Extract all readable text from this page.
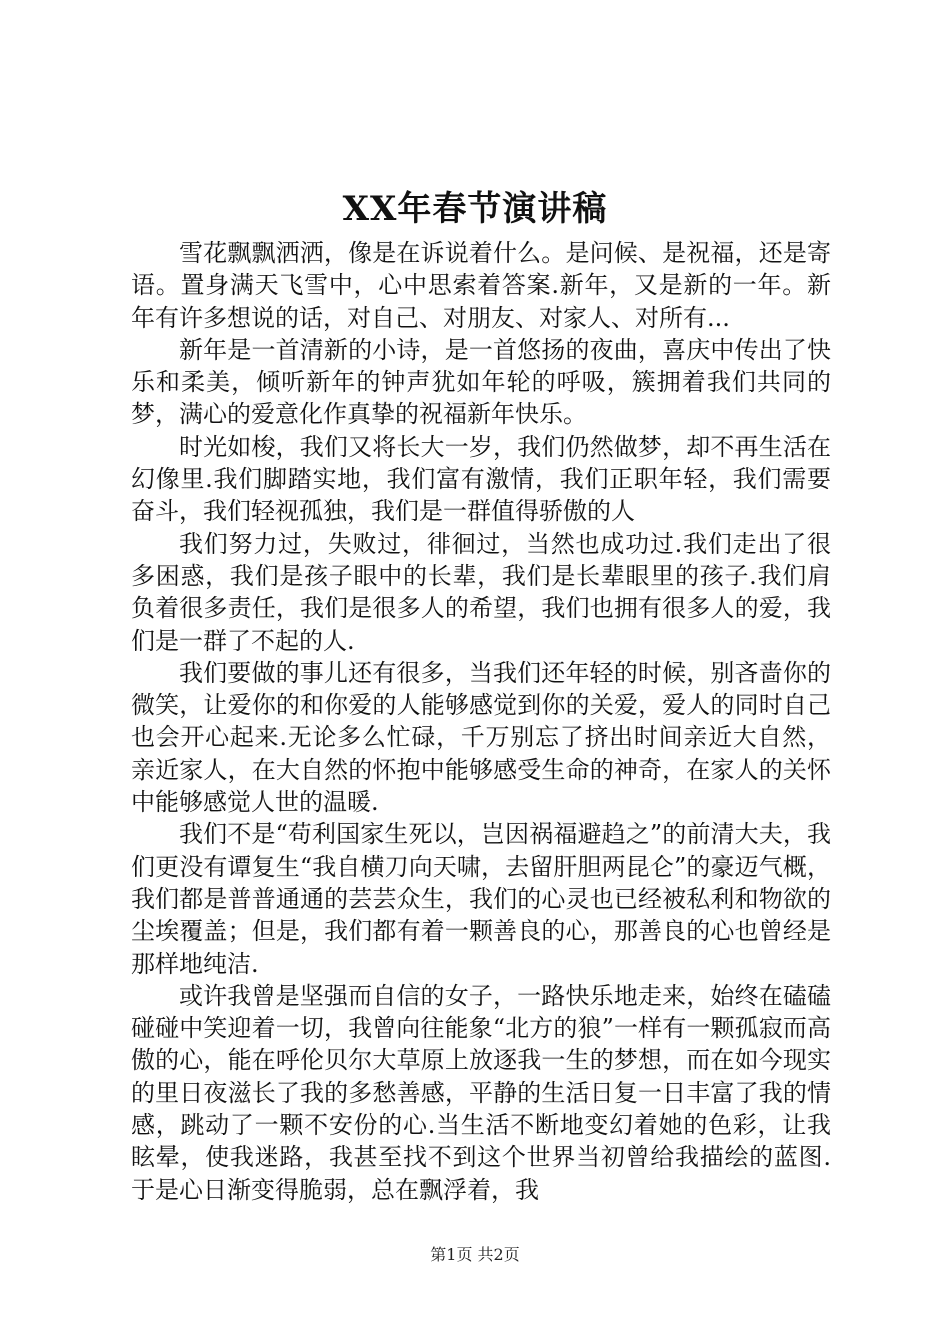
XX年春节演讲稿

雪花飘飘洒洒，像是在诉说着什么。是问候、是祝福，还是寄语。置身满天飞雪中，心中思索着答案.新年，又是新的一年。新年有许多想说的话，对自己、对朋友、对家人、对所有...

新年是一首清新的小诗，是一首悠扬的夜曲，喜庆中传出了快乐和柔美，倾听新年的钟声犹如年轮的呼吸，簇拥着我们共同的梦，满心的爱意化作真挚的祝福新年快乐。

时光如梭，我们又将长大一岁，我们仍然做梦，却不再生活在幻像里.我们脚踏实地，我们富有激情，我们正职年轻，我们需要奋斗，我们轻视孤独，我们是一群值得骄傲的人

我们努力过，失败过，徘徊过，当然也成功过.我们走出了很多困惑，我们是孩子眼中的长辈，我们是长辈眼里的孩子.我们肩负着很多责任，我们是很多人的希望，我们也拥有很多人的爱，我们是一群了不起的人.

我们要做的事儿还有很多，当我们还年轻的时候，别吝啬你的微笑，让爱你的和你爱的人能够感觉到你的关爱，爱人的同时自己也会开心起来.无论多么忙碌，千万别忘了挤出时间亲近大自然，亲近家人，在大自然的怀抱中能够感受生命的神奇，在家人的关怀中能够感觉人世的温暖.

我们不是“苟利国家生死以，岂因祸福避趋之”的前清大夫，我们更没有谭复生“我自横刀向天啸，去留肝胆两昆仑”的豪迈气概，我们都是普普通通的芸芸众生，我们的心灵也已经被私利和物欲的尘埃覆盖；但是，我们都有着一颗善良的心，那善良的心也曾经是那样地纯洁.

或许我曾是坚强而自信的女子，一路快乐地走来，始终在磕磕碰碰中笑迎着一切，我曾向往能象“北方的狼”一样有一颗孤寂而高傲的心，能在呼伦贝尔大草原上放逐我一生的梦想，而在如今现实的里日夜滋长了我的多愁善感，平静的生活日复一日丰富了我的情感，跳动了一颗不安份的心.当生活不断地变幻着她的色彩，让我眩晕，使我迷路，我甚至找不到这个世界当初曾给我描绘的蓝图.于是心日渐变得脆弱，总在飘浮着，我

第1页 共2页
